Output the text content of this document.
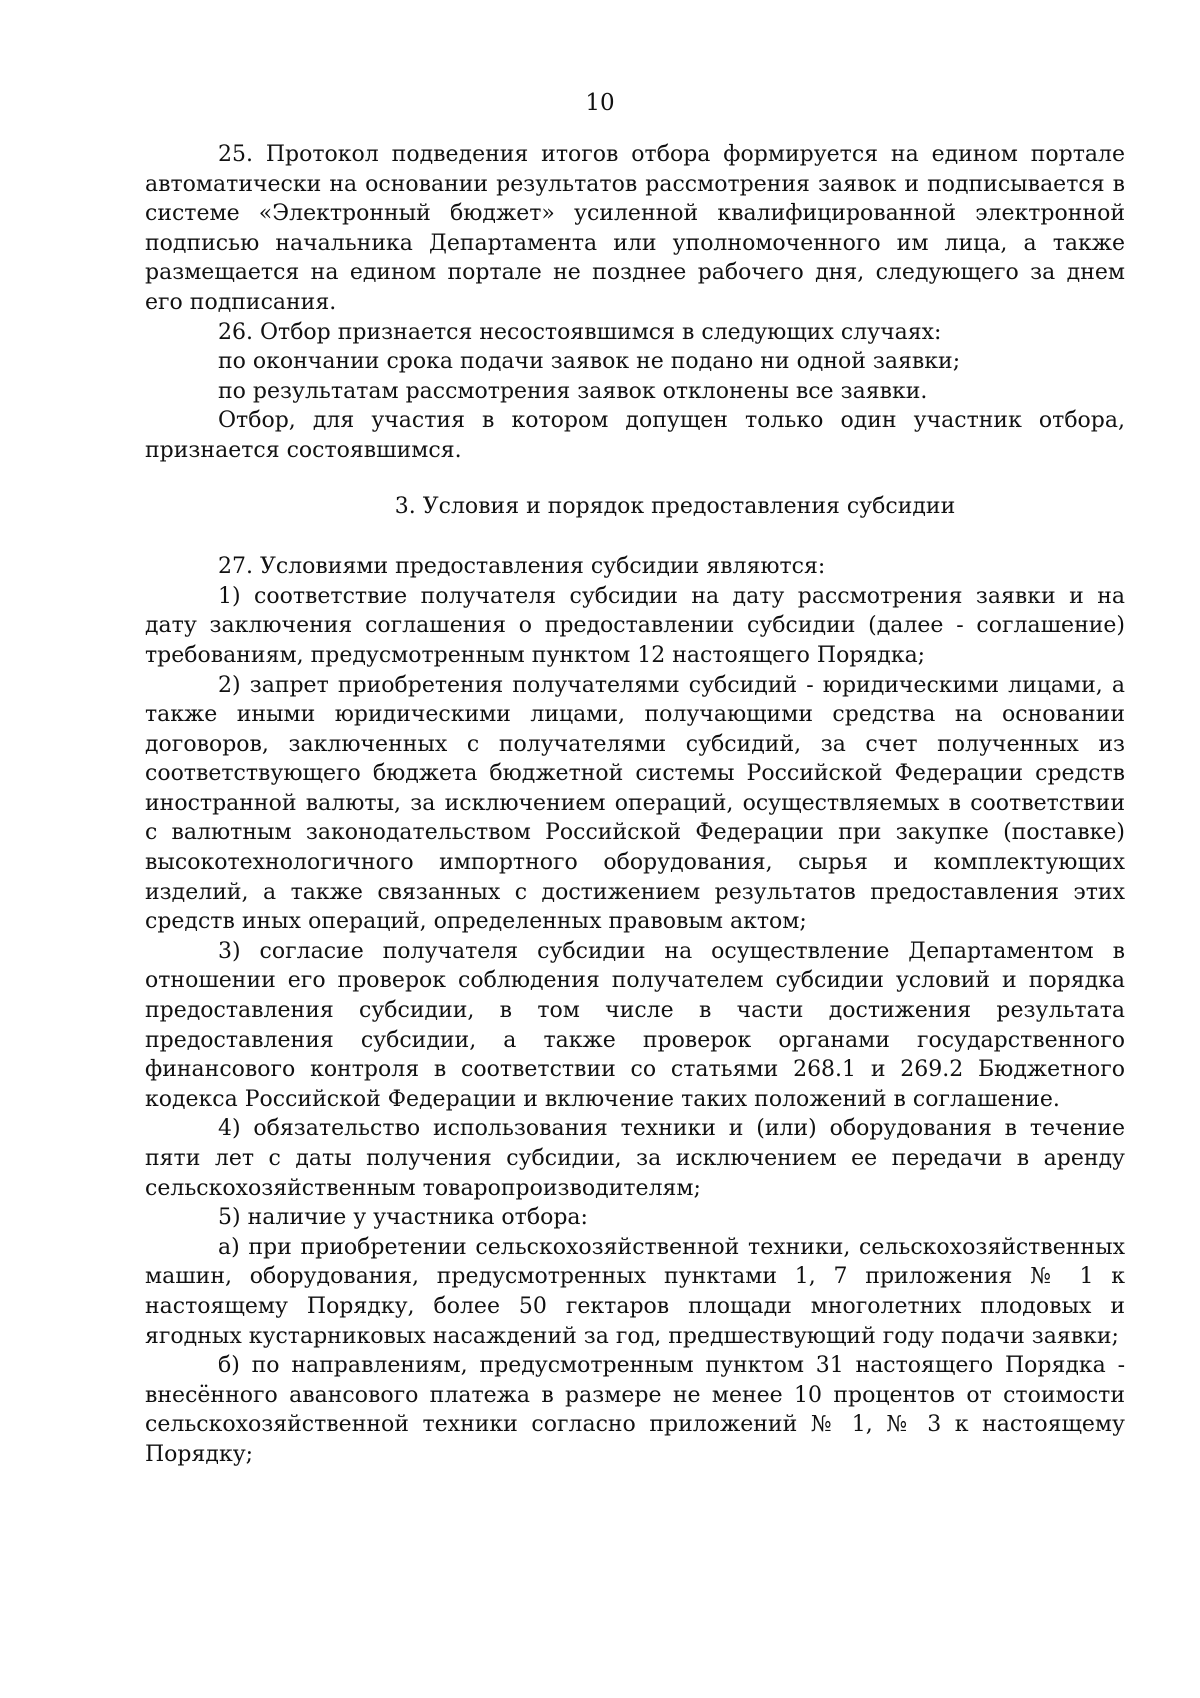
10

25. Протокол подведения итогов отбора формируется на едином портале автоматически на основании результатов рассмотрения заявок и подписывается в системе «Электронный бюджет» усиленной квалифицированной электронной подписью начальника Департамента или уполномоченного им лица, а также размещается на едином портале не позднее рабочего дня, следующего за днем его подписания.

26. Отбор признается несостоявшимся в следующих случаях:

по окончании срока подачи заявок не подано ни одной заявки;

по результатам рассмотрения заявок отклонены все заявки.

Отбор, для участия в котором допущен только один участник отбора, признается состоявшимся.

3. Условия и порядок предоставления субсидии

27. Условиями предоставления субсидии являются:

1) соответствие получателя субсидии на дату рассмотрения заявки и на дату заключения соглашения о предоставлении субсидии (далее - соглашение) требованиям, предусмотренным пунктом 12 настоящего Порядка;

2) запрет приобретения получателями субсидий - юридическими лицами, а также иными юридическими лицами, получающими средства на основании договоров, заключенных с получателями субсидий, за счет полученных из соответствующего бюджета бюджетной системы Российской Федерации средств иностранной валюты, за исключением операций, осуществляемых в соответствии с валютным законодательством Российской Федерации при закупке (поставке) высокотехнологичного импортного оборудования, сырья и комплектующих изделий, а также связанных с достижением результатов предоставления этих средств иных операций, определенных правовым актом;

3) согласие получателя субсидии на осуществление Департаментом в отношении его проверок соблюдения получателем субсидии условий и порядка предоставления субсидии, в том числе в части достижения результата предоставления субсидии, а также проверок органами государственного финансового контроля в соответствии со статьями 268.1 и 269.2 Бюджетного кодекса Российской Федерации и включение таких положений в соглашение.

4) обязательство использования техники и (или) оборудования в течение пяти лет с даты получения субсидии, за исключением ее передачи в аренду сельскохозяйственным товаропроизводителям;

5) наличие у участника отбора:

а) при приобретении сельскохозяйственной техники, сельскохозяйственных машин, оборудования, предусмотренных пунктами 1, 7 приложения № 1 к настоящему Порядку, более 50 гектаров площади многолетних плодовых и ягодных кустарниковых насаждений за год, предшествующий году подачи заявки;

б) по направлениям, предусмотренным пунктом 31 настоящего Порядка - внесённого авансового платежа в размере не менее 10 процентов от стоимости сельскохозяйственной техники согласно приложений № 1, № 3 к настоящему Порядку;
